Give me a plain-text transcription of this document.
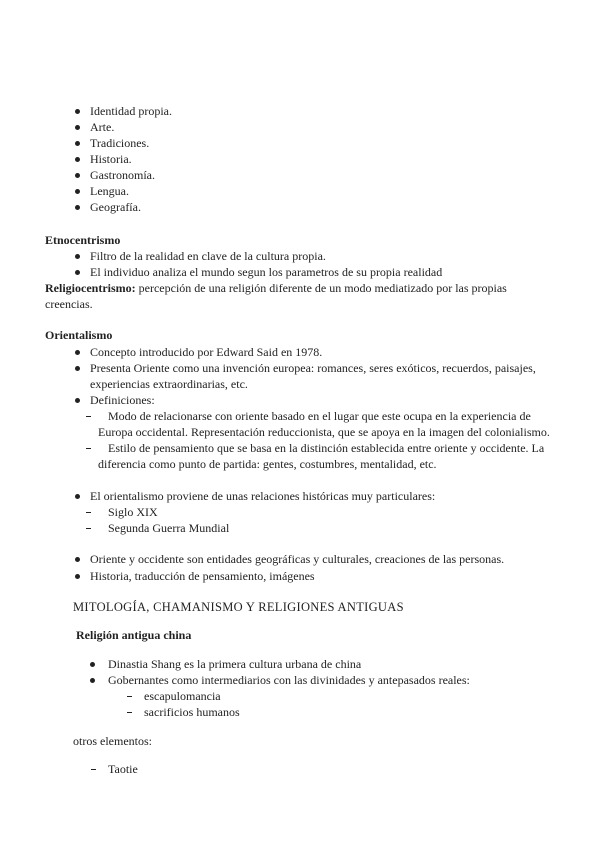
Identidad propia.
Arte.
Tradiciones.
Historia.
Gastronomía.
Lengua.
Geografía.
Etnocentrismo
Filtro de la realidad en clave de la cultura propia.
El individuo analiza el mundo segun los parametros de su propia realidad
Religiocentrismo: percepción de una religión diferente de un modo mediatizado por las propias
creencias.
Orientalismo
Concepto introducido por Edward Said en 1978.
Presenta Oriente como una invención europea: romances, seres exóticos, recuerdos, paisajes,
experiencias extraordinarias, etc.
Definiciones:
Modo de relacionarse con oriente basado en el lugar que este ocupa en la experiencia de
Europa occidental. Representación reduccionista, que se apoya en la imagen del colonialismo.
Estilo de pensamiento que se basa en la distinción establecida entre oriente y occidente. La
diferencia como punto de partida: gentes, costumbres, mentalidad, etc.
El orientalismo proviene de unas relaciones históricas muy particulares:
Siglo XIX
Segunda Guerra Mundial
Oriente y occidente son entidades geográficas y culturales, creaciones de las personas.
Historia, traducción de pensamiento, imágenes
MITOLOGÍA, CHAMANISMO Y RELIGIONES ANTIGUAS
Religión antigua china
Dinastia Shang es la primera cultura urbana de china
Gobernantes como intermediarios con las divinidades y antepasados reales:
escapulomancia
sacrificios humanos
otros elementos:
Taotie
